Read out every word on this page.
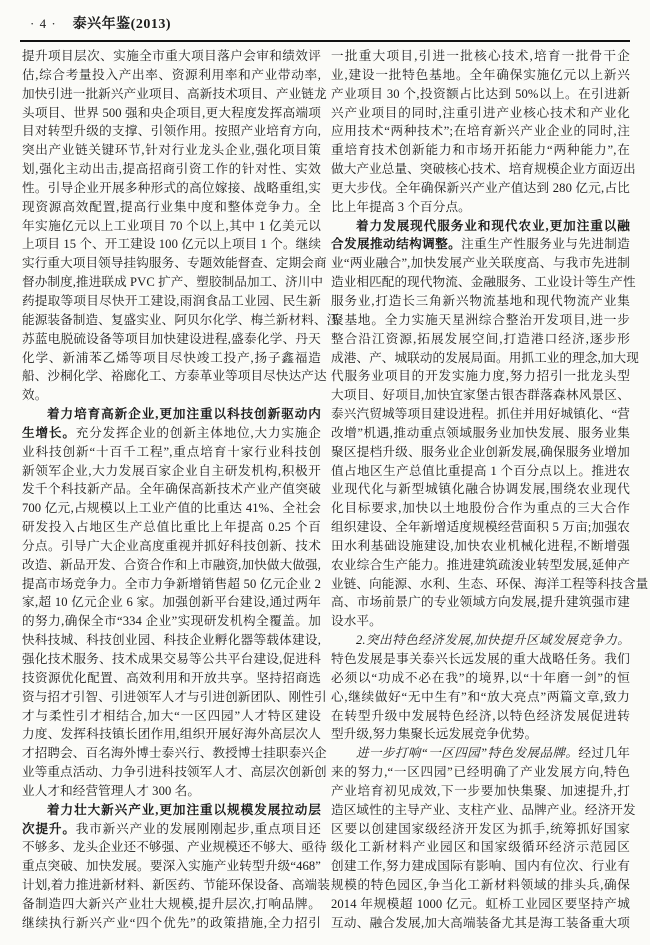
· 4 · 泰兴年鉴(2013)
提升项目层次、实施全市重大项目落户会审和绩效评
估,综合考量投入产出率、资源利用率和产业带动率,
加快引进一批新兴产业项目、高新技术项目、产业链龙
头项目、世界 500 强和央企项目,更大程度发挥高端项
目对转型升级的支撑、引领作用。按照产业培育方向,
突出产业链关键环节,针对行业龙头企业,强化项目策
划,强化主动出击,提高招商引资工作的针对性、实效
性。引导企业开展多种形式的高位嫁接、战略重组,实
现资源高效配置,提高行业集中度和整体竞争力。全
年实施亿元以上工业项目 70 个以上,其中 1 亿美元以
上项目 15 个、开工建设 100 亿元以上项目 1 个。继续
实行重大项目领导挂钩服务、专题效能督查、定期会商
督办制度,推进联成 PVC 扩产、塑胶制品加工、济川中
药提取等项目尽快开工建设,雨润食品工业园、民生新
能源装备制造、复盛实业、阿贝尔化学、梅兰新材料、江
苏蓝电脱硫设备等项目加快建设进程,盛泰化学、丹天
化学、新浦苯乙烯等项目尽快竣工投产,扬子鑫福造
船、沙桐化学、裕廊化工、方泰革业等项目尽快达产达
效。
着力培育高新企业,更加注重以科技创新驱动内
生增长。充分发挥企业的创新主体地位,大力实施企
业科技创新“十百千工程”,重点培育十家行业科技创
新领军企业,大力发展百家企业自主研发机构,积极开
发千个科技新产品。全年确保高新技术产业产值突破
700 亿元,占规模以上工业产值的比重达 41%、全社会
研发投入占地区生产总值比重比上年提高 0.25 个百
分点。引导广大企业高度重视并抓好科技创新、技术
改造、新品开发、合资合作和上市融资,加快做大做强,
提高市场竞争力。全市力争新增销售超 50 亿元企业 2
家,超 10 亿元企业 6 家。加强创新平台建设,通过两年
的努力,确保全市“334 企业”实现研发机构全覆盖。加
快科技城、科技创业园、科技企业孵化器等载体建设,
强化技术服务、技术成果交易等公共平台建设,促进科
技资源优化配置、高效利用和开放共享。坚持招商选
资与招才引智、引进领军人才与引进创新团队、刚性引
才与柔性引才相结合,加大“一区四园”人才特区建设
力度、发挥科技镇长团作用,组织开展好海外高层次人
才招聘会、百名海外博士泰兴行、教授博士挂职泰兴企
业等重点活动、力争引进科技领军人才、高层次创新创
业人才和经营管理人才 300 名。
着力壮大新兴产业,更加注重以规模发展拉动层
次提升。我市新兴产业的发展刚刚起步,重点项目还
不够多、龙头企业还不够强、产业规模还不够大、亟待
重点突破、加快发展。要深入实施产业转型升级“468”
计划,着力推进新材料、新医药、节能环保设备、高端装
备制造四大新兴产业壮大规模,提升层次,打响品牌。
继续执行新兴产业“四个优先”的政策措施,全力招引
一批重大项目,引进一批核心技术,培育一批骨干企
业,建设一批特色基地。全年确保实施亿元以上新兴
产业项目 30 个,投资额占比达到 50%以上。在引进新
兴产业项目的同时,注重引进产业核心技术和产业化
应用技术“两种技术”;在培育新兴产业企业的同时,注
重培育技术创新能力和市场开拓能力“两种能力”,在
做大产业总量、突破核心技术、培育规模企业方面迈出
更大步伐。全年确保新兴产业产值达到 280 亿元,占比
比上年提高 3 个百分点。
着力发展现代服务业和现代农业,更加注重以融
合发展推动结构调整。注重生产性服务业与先进制造
业“两业融合”,加快发展产业关联度高、与我市先进制
造业相匹配的现代物流、金融服务、工业设计等生产性
服务业,打造长三角新兴物流基地和现代物流产业集
聚基地。全力实施天星洲综合整治开发项目,进一步
整合沿江资源,拓展发展空间,打造港口经济,逐步形
成港、产、城联动的发展局面。用抓工业的理念,加大现
代服务业项目的开发实施力度,努力招引一批龙头型
大项目、好项目,加快宜家堡古银杏群落森林风景区、
泰兴汽贸城等项目建设进程。抓住并用好城镇化、“营
改增”机遇,推动重点领域服务业加快发展、服务业集
聚区提档升级、服务业企业创新发展,确保服务业增加
值占地区生产总值比重提高 1 个百分点以上。推进农
业现代化与新型城镇化融合协调发展,围绕农业现代
化目标要求,加快以土地股份合作为重点的三大合作
组织建设、全年新增适度规模经营面积 5 万亩;加强农
田水利基础设施建设,加快农业机械化进程,不断增强
农业综合生产能力。推进建筑疏浚业转型发展,延伸产
业链、向能源、水利、生态、环保、海洋工程等科技含量
高、市场前景广的专业领域方向发展,提升建筑强市建
设水平。
2.突出特色经济发展,加快提升区域发展竞争力。
特色发展是事关泰兴长远发展的重大战略任务。我们
必须以“功成不必在我”的境界,以“十年磨一剑”的恒
心,继续做好“无中生有”和“放大亮点”两篇文章,致力
在转型升级中发展特色经济,以特色经济发展促进转
型升级,努力集聚长远发展竞争优势。
进一步打响“一区四园”特色发展品牌。经过几年
来的努力,“一区四园”已经明确了产业发展方向,特色
产业培育初见成效,下一步要加快集聚、加速提升,打
造区域性的主导产业、支柱产业、品牌产业。经济开发
区要以创建国家级经济开发区为抓手,统筹抓好国家
级化工新材料产业园区和国家级循环经济示范园区
创建工作,努力建成国际有影响、国内有位次、行业有
规模的特色园区,争当化工新材料领域的排头兵,确保
2014 年规模超 1000 亿元。虹桥工业园区要坚持产城
互动、融合发展,加大高端装备尤其是海工装备重大项
